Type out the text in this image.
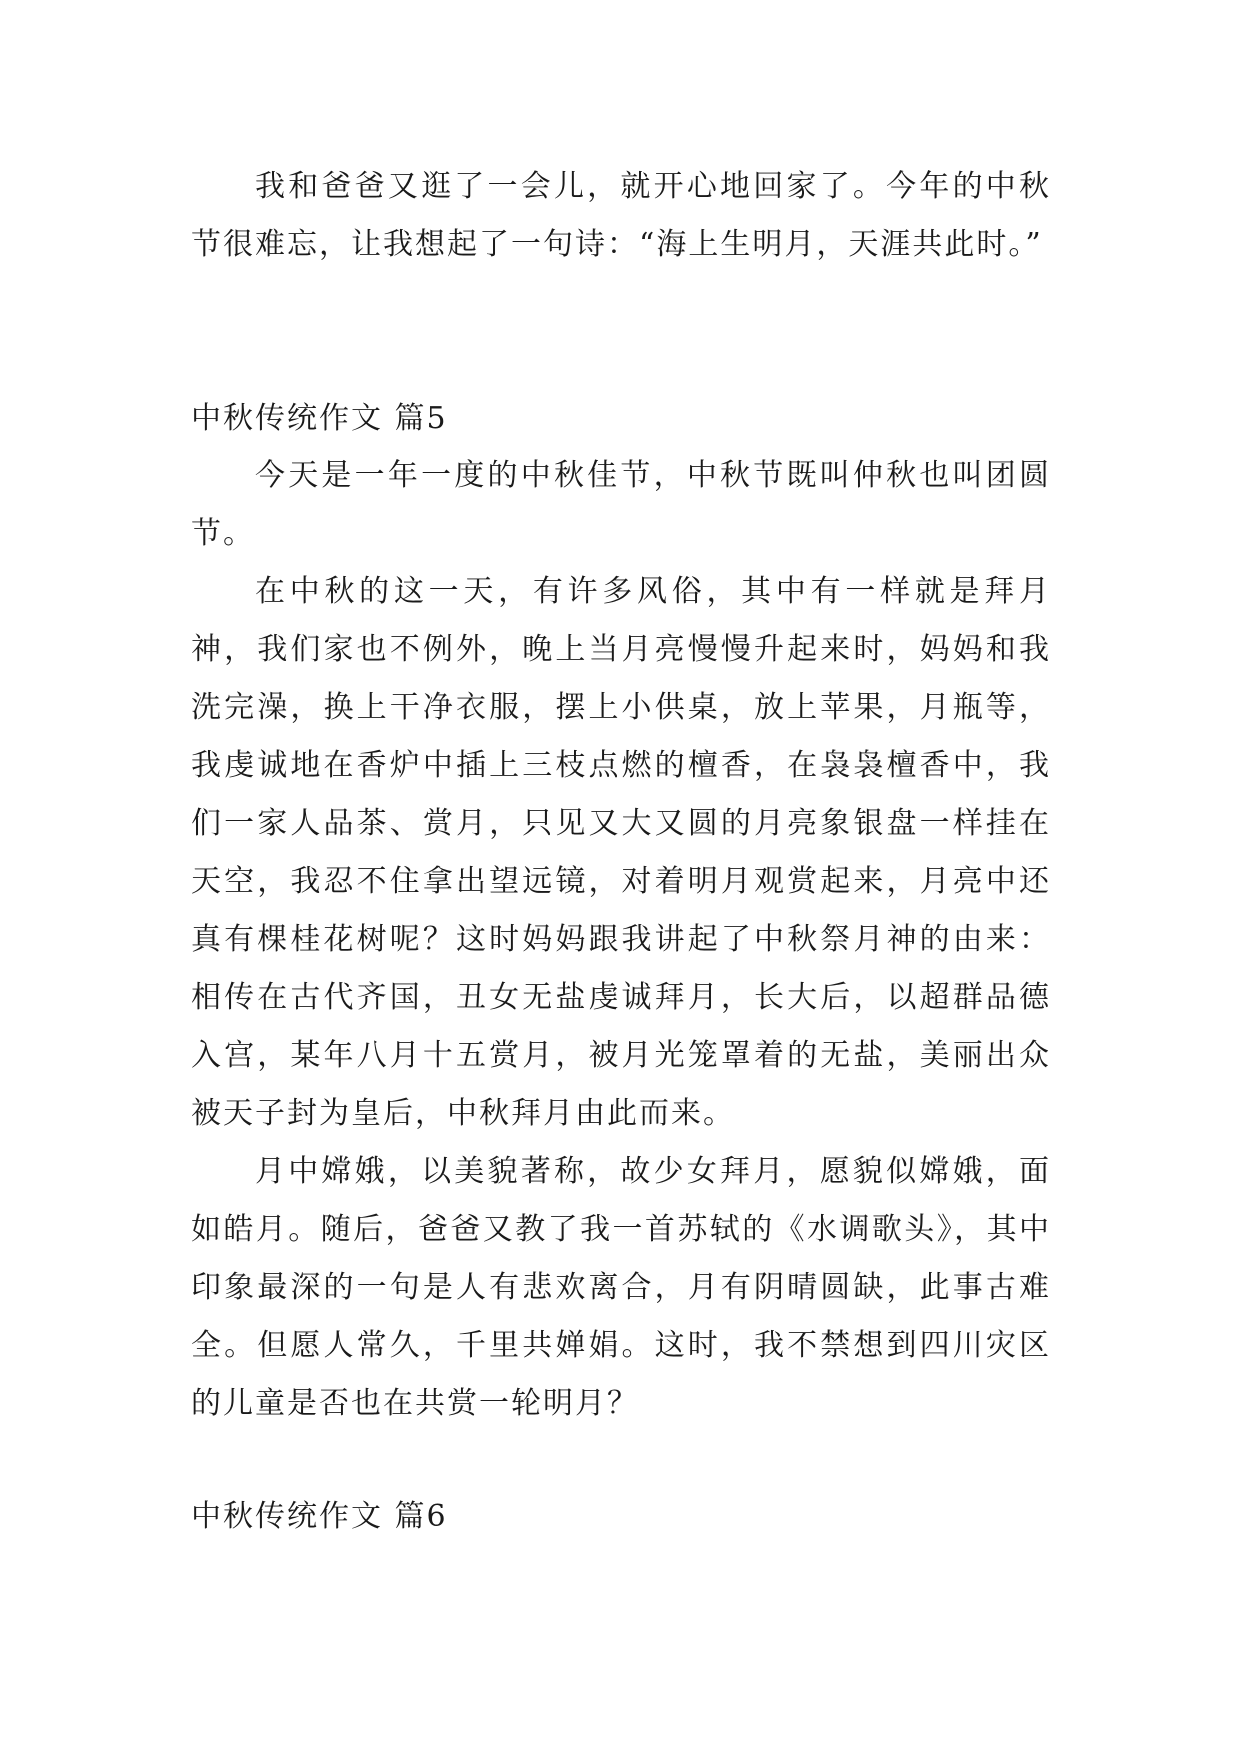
我和爸爸又逛了一会儿，就开心地回家了。今年的中秋节很难忘，让我想起了一句诗：“海上生明月，天涯共此时。”

中秋传统作文 篇5

今天是一年一度的中秋佳节，中秋节既叫仲秋也叫团圆节。

在中秋的这一天，有许多风俗，其中有一样就是拜月神，我们家也不例外，晚上当月亮慢慢升起来时，妈妈和我洗完澡，换上干净衣服，摆上小供桌，放上苹果，月瓶等，我虔诚地在香炉中插上三枝点燃的檀香，在袅袅檀香中，我们一家人品茶、赏月，只见又大又圆的月亮象银盘一样挂在天空，我忍不住拿出望远镜，对着明月观赏起来，月亮中还真有棵桂花树呢？这时妈妈跟我讲起了中秋祭月神的由来：相传在古代齐国，丑女无盐虔诚拜月，长大后，以超群品德入宫，某年八月十五赏月，被月光笼罩着的无盐，美丽出众被天子封为皇后，中秋拜月由此而来。

月中嫦娥，以美貌著称，故少女拜月，愿貌似嫦娥，面如皓月。随后，爸爸又教了我一首苏轼的《水调歌头》，其中印象最深的一句是人有悲欢离合，月有阴晴圆缺，此事古难全。但愿人常久，千里共婵娟。这时，我不禁想到四川灾区的儿童是否也在共赏一轮明月？

中秋传统作文 篇6
